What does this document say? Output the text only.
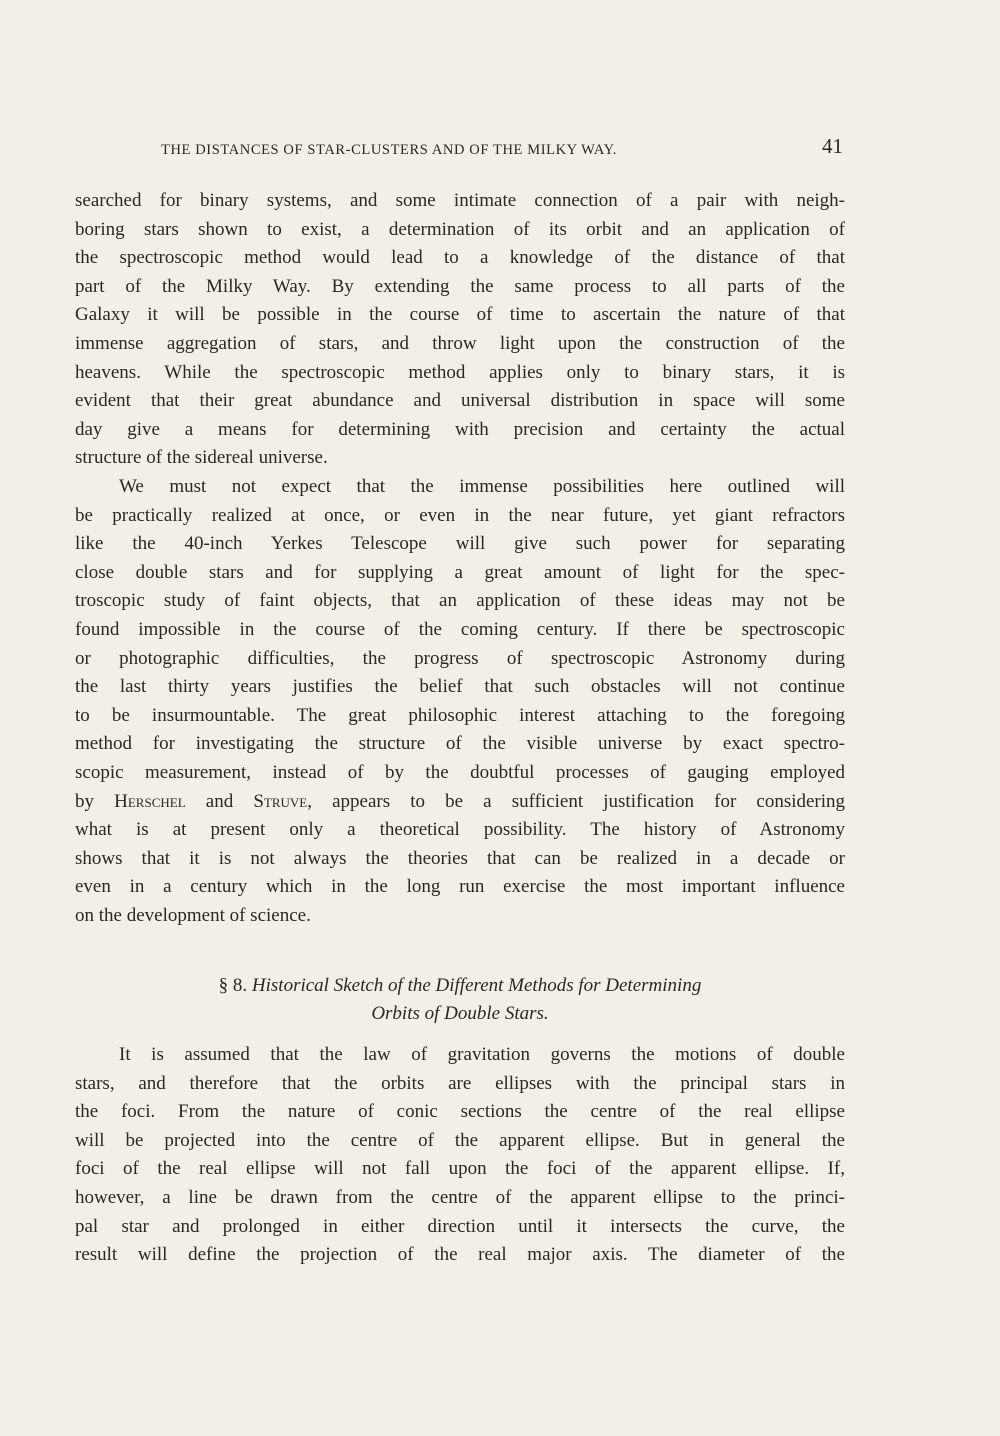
THE DISTANCES OF STAR-CLUSTERS AND OF THE MILKY WAY.	41
searched for binary systems, and some intimate connection of a pair with neigh-
boring stars shown to exist, a determination of its orbit and an application of
the spectroscopic method would lead to a knowledge of the distance of that
part of the Milky Way. By extending the same process to all parts of the
Galaxy it will be possible in the course of time to ascertain the nature of that
immense aggregation of stars, and throw light upon the construction of the
heavens. While the spectroscopic method applies only to binary stars, it is
evident that their great abundance and universal distribution in space will some
day give a means for determining with precision and certainty the actual
structure of the sidereal universe.
We must not expect that the immense possibilities here outlined will
be practically realized at once, or even in the near future, yet giant refractors
like the 40-inch Yerkes Telescope will give such power for separating
close double stars and for supplying a great amount of light for the spec-
troscopic study of faint objects, that an application of these ideas may not be
found impossible in the course of the coming century. If there be spectroscopic
or photographic difficulties, the progress of spectroscopic Astronomy during
the last thirty years justifies the belief that such obstacles will not continue
to be insurmountable. The great philosophic interest attaching to the foregoing
method for investigating the structure of the visible universe by exact spectro-
scopic measurement, instead of by the doubtful processes of gauging employed
by Herschel and Struve, appears to be a sufficient justification for considering
what is at present only a theoretical possibility. The history of Astronomy
shows that it is not always the theories that can be realized in a decade or
even in a century which in the long run exercise the most important influence
on the development of science.
§ 8. Historical Sketch of the Different Methods for Determining
Orbits of Double Stars.
It is assumed that the law of gravitation governs the motions of double
stars, and therefore that the orbits are ellipses with the principal stars in
the foci. From the nature of conic sections the centre of the real ellipse
will be projected into the centre of the apparent ellipse. But in general the
foci of the real ellipse will not fall upon the foci of the apparent ellipse. If,
however, a line be drawn from the centre of the apparent ellipse to the princi-
pal star and prolonged in either direction until it intersects the curve, the
result will define the projection of the real major axis. The diameter of the
